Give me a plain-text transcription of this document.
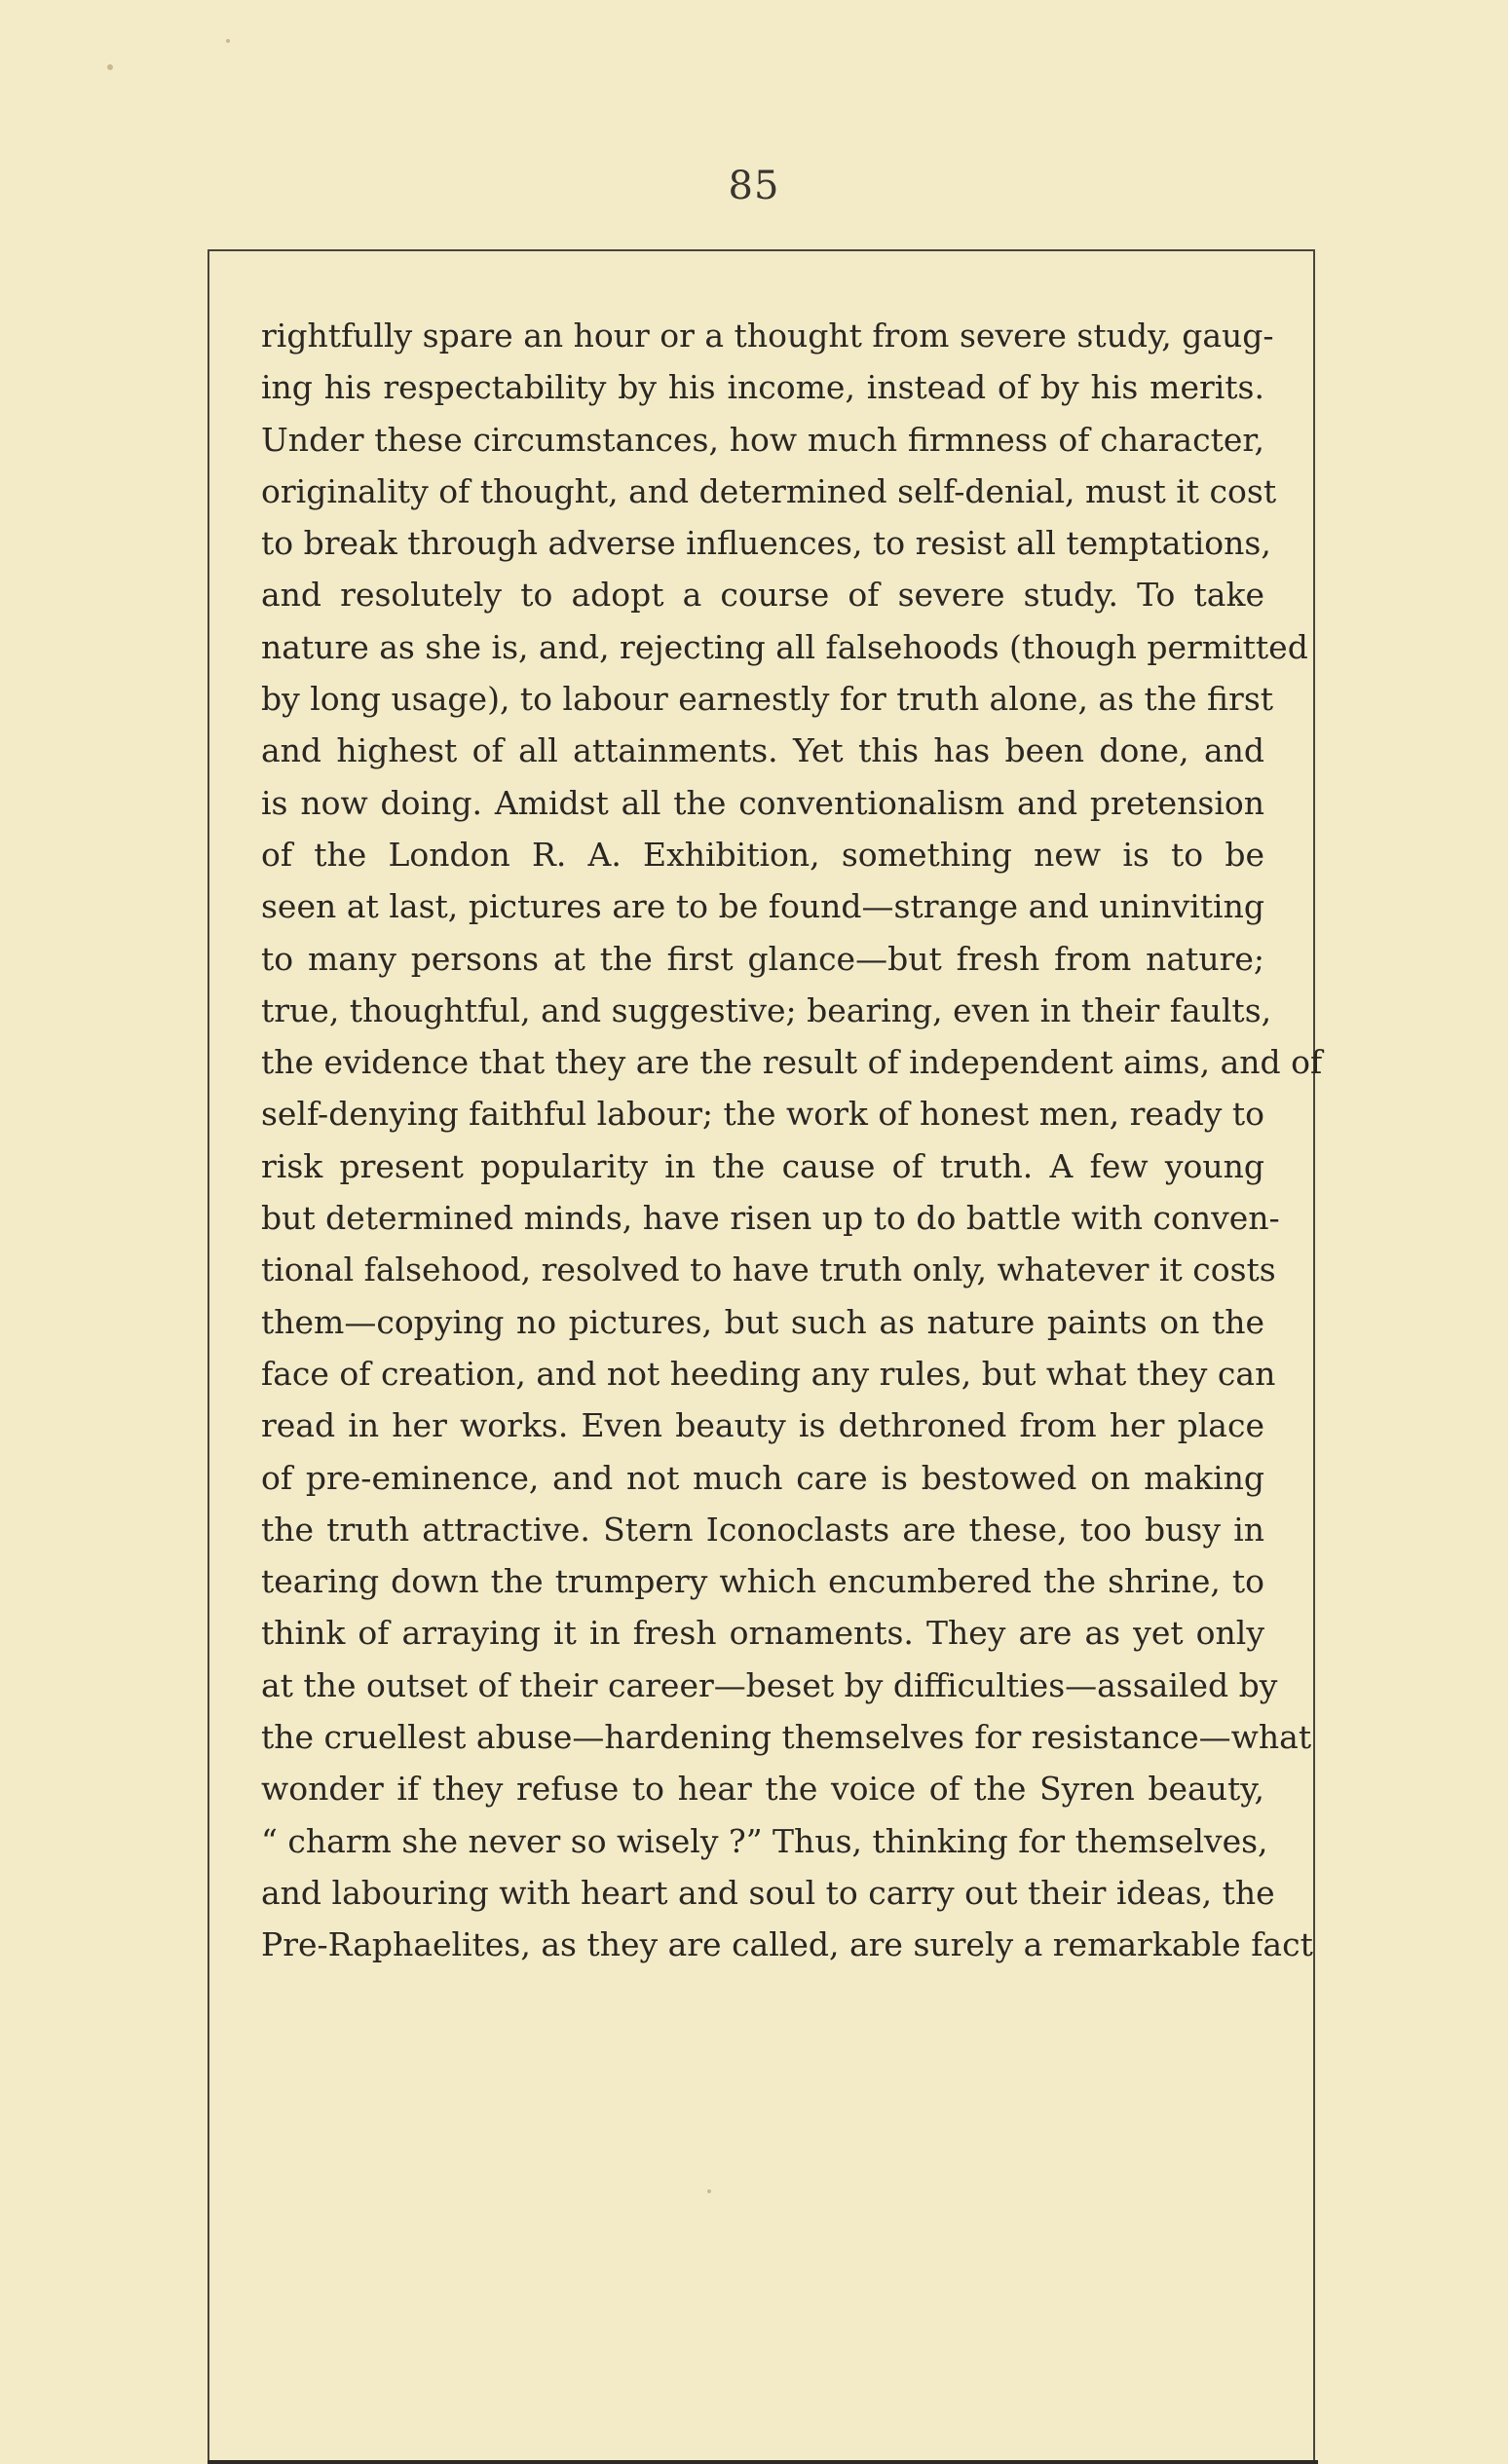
85
rightfully spare an hour or a thought from severe study, gaug-
ing his respectability by his income, instead of by his merits.
Under these circumstances, how much firmness of character,
originality of thought, and determined self-denial, must it cost
to break through adverse influences, to resist all temptations,
and resolutely to adopt a course of severe study. To take
nature as she is, and, rejecting all falsehoods (though permitted
by long usage), to labour earnestly for truth alone, as the first
and highest of all attainments. Yet this has been done, and
is now doing. Amidst all the conventionalism and pretension
of the London R. A. Exhibition, something new is to be
seen at last, pictures are to be found—strange and uninviting
to many persons at the first glance—but fresh from nature;
true, thoughtful, and suggestive; bearing, even in their faults,
the evidence that they are the result of independent aims, and of
self-denying faithful labour; the work of honest men, ready to
risk present popularity in the cause of truth. A few young
but determined minds, have risen up to do battle with conven-
tional falsehood, resolved to have truth only, whatever it costs
them—copying no pictures, but such as nature paints on the
face of creation, and not heeding any rules, but what they can
read in her works. Even beauty is dethroned from her place
of pre-eminence, and not much care is bestowed on making
the truth attractive. Stern Iconoclasts are these, too busy in
tearing down the trumpery which encumbered the shrine, to
think of arraying it in fresh ornaments. They are as yet only
at the outset of their career—beset by difficulties—assailed by
the cruellest abuse—hardening themselves for resistance—what
wonder if they refuse to hear the voice of the Syren beauty,
“ charm she never so wisely ?” Thus, thinking for themselves,
and labouring with heart and soul to carry out their ideas, the
Pre-Raphaelites, as they are called, are surely a remarkable fact
